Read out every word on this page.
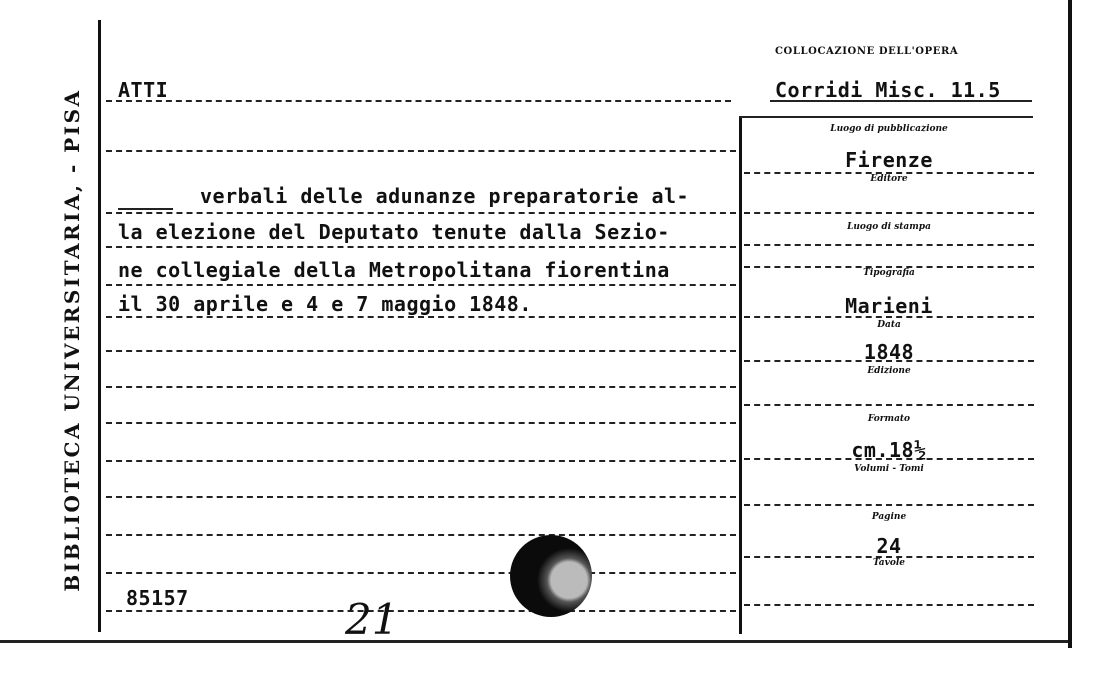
BIBLIOTECA UNIVERSITARIA, - PISA
COLLOCAZIONE DELL'OPERA
Corridi Misc. 11.5
ATTI
verbali delle adunanze preparatorie al-
la elezione del Deputato tenute dalla Sezio-
ne collegiale della Metropolitana fiorentina
il 30 aprile e 4 e 7 maggio 1848.
85157	21
Luogo di pubblicazione
Firenze
Editore
Luogo di stampa
Tipografia
Marieni
Data
1848
Edizione
Formato
cm.18½
Volumi - Tomi
Pagine
24
Tavole
